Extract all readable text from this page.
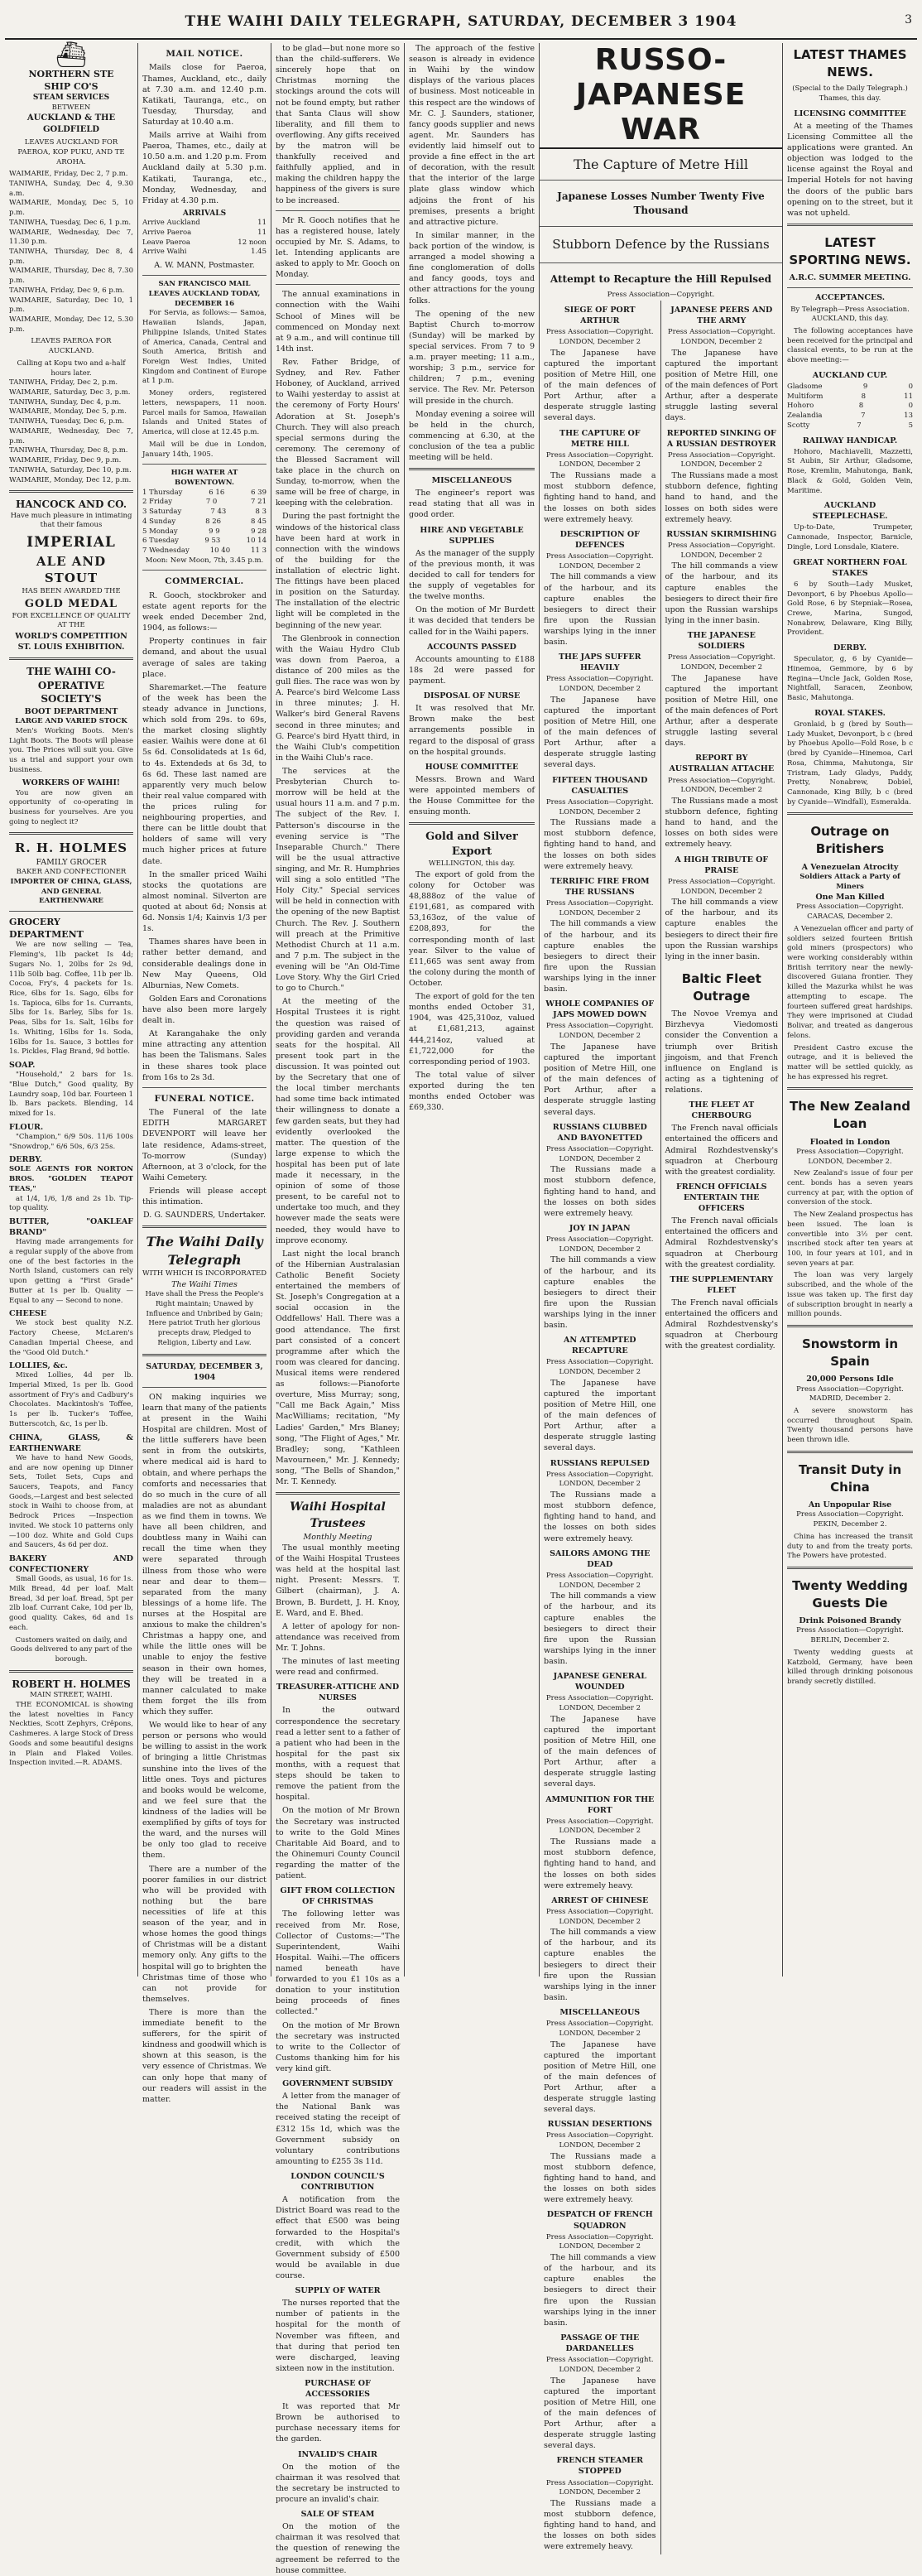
THE WAIHI DAILY TELEGRAPH, SATURDAY, DECEMBER 3 1904	3
⛴
NORTHERN STE
SHIP CO'S
STEAM SERVICES
BETWEEN
AUCKLAND & THE GOLDFIELD
LEAVES AUCKLAND FOR PAEROA, KOP PUKU, AND TE AROHA.
WAIMARIE, Friday, Dec 2, 7 p.m.
TANIWHA, Sunday, Dec 4, 9.30 a.m.
WAIMARIE, Monday, Dec 5, 10 p.m.
TANIWHA, Tuesday, Dec 6, 1 p.m.
WAIMARIE, Wednesday, Dec 7, 11.30 p.m.
TANIWHA, Thursday, Dec 8, 4 p.m.
WAIMARIE, Thursday, Dec 8, 7.30 p.m.
TANIWHA, Friday, Dec 9, 6 p.m.
WAIMARIE, Saturday, Dec 10, 1 p.m.
WAIMARIE, Monday, Dec 12, 5.30 p.m.
LEAVES PAEROA FOR AUCKLAND.
Calling at Kopu two and a-half hours later.
TANIWHA, Friday, Dec 2, p.m.
WAIMARIE, Saturday, Dec 3, p.m.
TANIWHA, Sunday, Dec 4, p.m.
WAIMARIE, Monday, Dec 5, p.m.
TANIWHA, Tuesday, Dec 6, p.m.
WAIMARIE, Wednesday, Dec 7, p.m.
TANIWHA, Thursday, Dec 8, p.m.
WAIMARIE, Friday, Dec 9, p.m.
TANIWHA, Saturday, Dec 10, p.m.
WAIMARIE, Monday, Dec 12, p.m.
HANCOCK AND CO.

Have much pleasure in intimating that their famous

IMPERIAL
ALE AND STOUT
HAS BEEN AWARDED THE
GOLD MEDAL
FOR EXCELLENCE OF QUALITY
AT THE
WORLD'S COMPETITION
ST. LOUIS EXHIBITION.
THE WAIHI CO-OPERATIVE SOCIETY'S
BOOT DEPARTMENT
LARGE AND VARIED STOCK

Men's Working Boots. Men's Light Boots. The Boots will please you. The Prices will suit you. Give us a trial and support your own business.

WORKERS OF WAIHI!

You are now given an opportunity of co-operating in business for yourselves. Are you going to neglect it?

R. H. HOLMES
FAMILY GROCER
BAKER AND CONFECTIONER
IMPORTER OF CHINA, GLASS, AND GENERAL EARTHENWARE
GROCERY DEPARTMENT

We are now selling — Tea, Fleming's, 1lb packet Is 4d; Sugars No. 1, 20lbs for 2s 9d, 11lb 50lb bag. Coffee, 11b per lb. Cocoa, Fry's, 4 packets for 1s. Rice, 6lbs for 1s. Sago, 6lbs for 1s. Tapioca, 6lbs for 1s. Currants, 5lbs for 1s. Barley, 5lbs for 1s. Peas, 5lbs for 1s. Salt, 16lbs for 1s. Whiting, 16lbs for 1s. Soda, 16lbs for 1s. Sauce, 3 bottles for 1s. Pickles, Flag Brand, 9d bottle.

SOAP.

"Household," 2 bars for 1s. "Blue Dutch," Good quality, By Laundry soap, 10d bar. Fourteen 1 lb. Bars packets. Blending, 14 mixed for 1s.

FLOUR.

"Champion," 6/9 50s. 11/6 100s "Snowdrop," 6/6 50s, 6/3 25s.

DERBY.
SOLE AGENTS FOR NORTON BROS. "GOLDEN TEAPOT TEAS,"

at 1/4, 1/6, 1/8 and 2s 1b. Tip-top quality.

BUTTER, "OAKLEAF BRAND"

Having made arrangements for a regular supply of the above from one of the best factories in the North Island, customers can rely upon getting a "First Grade" Butter at 1s per lb. Quality — Equal to any — Second to none.

CHEESE

We stock best quality N.Z. Factory Cheese, McLaren's Canadian Imperial Cheese, and the "Good Old Dutch."

LOLLIES, &c.

Mixed Lollies, 4d per lb. Imperial Mixed, 1s per lb. Good assortment of Fry's and Cadbury's Chocolates. Mackintosh's Toffee, 1s per lb. Tucker's Toffee, Butterscotch, &c, 1s per lb.

CHINA, GLASS, & EARTHENWARE

We have to hand New Goods, and are now opening up Dinner Sets, Toilet Sets, Cups and Saucers, Teapots, and Fancy Goods,—Largest and best selected stock in Waihi to choose from, at Bedrock Prices —Inspection invited. We stock 10 patterns only—100 doz. White and Gold Cups and Saucers, 4s 6d per doz.

BAKERY AND CONFECTIONERY

Small Goods, as usual, 16 for 1s. Milk Bread, 4d per loaf. Malt Bread, 3d per loaf. Bread, 5pt per 2lb loaf. Currant Cake, 10d per lb, good quality. Cakes, 6d and 1s each.

Customers waited on daily, and Goods delivered to any part of the borough.

ROBERT H. HOLMES
MAIN STREET, WAIHI.

THE ECONOMICAL is showing the latest novelties in Fancy Neckties, Scott Zephyrs, Crêpons, Cashmeres. A large Stock of Dress Goods and some beautiful designs in Plain and Flaked Voiles. Inspection invited.—R. ADAMS.

MAIL NOTICE.

Mails close for Paeroa, Thames, Auckland, etc., daily at 7.30 a.m. and 12.40 p.m. Katikati, Tauranga, etc., on Tuesday, Thursday, and Saturday at 10.40 a.m.

Mails arrive at Waihi from Paeroa, Thames, etc., daily at 10.50 a.m. and 1.20 p.m. From Auckland daily at 5.30 p.m. Katikati, Tauranga, etc., Monday, Wednesday, and Friday at 4.30 p.m.

ARRIVALS
Arrive Auckland	11
Arrive Paeroa	11
Leave Paeroa	12 noon
Arrive Waihi	1.45
A. W. MANN, Postmaster.
SAN FRANCISCO MAIL LEAVES AUCKLAND TODAY, DECEMBER 16

For Servia, as follows:— Samoa, Hawaiian Islands, Japan, Philippine Islands, United States of America, Canada, Central and South America, British and Foreign West Indies, United Kingdom and Continent of Europe at 1 p.m.

Money orders, registered letters, newspapers, 11 noon. Parcel mails for Samoa, Hawaiian Islands and United States of America, will close at 12.45 p.m.

Mail will be due in London, January 14th, 1905.

HIGH WATER AT BOWENTOWN.
1 Thursday	6 16	6 39
2 Friday	7 0	7 21
3 Saturday	7 43	8 3
4 Sunday	8 26	8 45
5 Monday	9 9	9 28
6 Tuesday	9 53	10 14
7 Wednesday	10 40	11 3
Moon: New Moon, 7th, 3.45 p.m.
COMMERCIAL.

R. Gooch, stockbroker and estate agent reports for the week ended December 2nd, 1904, as follows:—

Property continues in fair demand, and about the usual average of sales are taking place.

Sharemarket.—The feature of the week has been the steady advance in Junctions, which sold from 29s. to 69s, the market closing slightly easier. Waihis were done at 6l 5s 6d. Consolidateds at 1s 6d, to 4s. Extendeds at 6s 3d, to 6s 6d. These last named are apparently very much below their real value compared with the prices ruling for neighbouring properties, and there can be little doubt that holders of same will very much higher prices at future date.

In the smaller priced Waihi stocks the quotations are almost nominal. Silverton are quoted at about 6d; Nonsis at 6d. Nonsis 1/4; Kainvis 1/3 per 1s.

Thames shares have been in rather better demand, and considerable dealings done in New May Queens, Old Alburnias, New Comets.

Golden Ears and Coronations have also been more largely dealt in.

At Karangahake the only mine attracting any attention has been the Talismans. Sales in these shares took place from 16s to 2s 3d.

FUNERAL NOTICE.

The Funeral of the late EDITH MARGARET DEVENPORT will leave her late residence, Adams-street, To-morrow (Sunday) Afternoon, at 3 o'clock, for the Waihi Cemetery.

Friends will please accept this intimation.

D. G. SAUNDERS, Undertaker.
The Waihi Daily Telegraph
WITH WHICH IS INCORPORATED
The Waihi Times

Have shall the Press the People's Right maintain; Unawed by Influence and Unbribed by Gain; Here patriot Truth her glorious precepts draw, Pledged to Religion, Liberty and Law.

SATURDAY, DECEMBER 3, 1904

ON making inquiries we learn that many of the patients at present in the Waihi Hospital are children. Most of the little sufferers have been sent in from the outskirts, where medical aid is hard to obtain, and where perhaps the comforts and necessaries that do so much in the cure of all maladies are not as abundant as we find them in towns. We have all been children, and doubtless many in Waihi can recall the time when they were separated through illness from those who were near and dear to them—separated from the many blessings of a home life. The nurses at the Hospital are anxious to make the children's Christmas a happy one, and while the little ones will be unable to enjoy the festive season in their own homes, they will be treated in a manner calculated to make them forget the ills from which they suffer.

We would like to hear of any person or persons who would be willing to assist in the work of bringing a little Christmas sunshine into the lives of the little ones. Toys and pictures and books would be welcome, and we feel sure that the kindness of the ladies will be exemplified by gifts of toys for the ward, and the nurses will be only too glad to receive them.

There are a number of the poorer families in our district who will be provided with nothing but the bare necessities of life at this season of the year, and in whose homes the good things of Christmas will be a distant memory only. Any gifts to the hospital will go to brighten the Christmas time of those who can not provide for themselves.

There is more than the immediate benefit to the sufferers, for the spirit of kindness and goodwill which is shown at this season, is the very essence of Christmas. We can only hope that many of our readers will assist in the matter.

to be glad—but none more so than the child-sufferers. We sincerely hope that on Christmas morning the stockings around the cots will not be found empty, but rather that Santa Claus will show liberality, and fill them to overflowing. Any gifts received by the matron will be thankfully received and faithfully applied, and in making the children happy the happiness of the givers is sure to be increased.

Mr R. Gooch notifies that he has a registered house, lately occupied by Mr. S. Adams, to let. Intending applicants are asked to apply to Mr. Gooch on Monday.

The annual examinations in connection with the Waihi School of Mines will be commenced on Monday next at 9 a.m., and will continue till 14th inst.

Rev. Father Bridge, of Sydney, and Rev. Father Hoboney, of Auckland, arrived to Waihi yesterday to assist at the ceremony of Forty Hours' Adoration at St. Joseph's Church. They will also preach special sermons during the ceremony. The ceremony of the Blessed Sacrament will take place in the church on Sunday, to-morrow, when the same will be free of charge, in keeping with the celebration.

During the past fortnight the windows of the historical class have been hard at work in connection with the windows of the building for the installation of electric light. The fittings have been placed in position on the Saturday. The installation of the electric light will be completed in the beginning of the new year.

The Glenbrook in connection with the Waiau Hydro Club was down from Paeroa, a distance of 200 miles as the gull flies. The race was won by A. Pearce's bird Welcome Lass in three minutes; J. H. Walker's bird General Ravens second in three minutes; and G. Pearce's bird Hyatt third, in the Waihi Club's competition in the Waihi Club's race.

The services at the Presbyterian Church to-morrow will be held at the usual hours 11 a.m. and 7 p.m. The subject of the Rev. I. Patterson's discourse in the evening service is "The Inseparable Church." There will be the usual attractive singing, and Mr. R. Humphries will sing a solo entitled "The Holy City." Special services will be held in connection with the opening of the new Baptist Church. The Rev. J. Southern will preach at the Primitive Methodist Church at 11 a.m. and 7 p.m. The subject in the evening will be "An Old-Time Love Story. Why the Girl Cried to go to Church."

At the meeting of the Hospital Trustees it is right the question was raised of providing garden and veranda seats for the hospital. All present took part in the discussion. It was pointed out by the Secretary that one of the local timber merchants had some time back intimated their willingness to donate a few garden seats, but they had evidently overlooked the matter. The question of the large expense to which the hospital has been put of late made it necessary, in the opinion of some of those present, to be careful not to undertake too much, and they however made the seats were needed, they would have to improve economy.

Last night the local branch of the Hibernian Australasian Catholic Benefit Society entertained the members of St. Joseph's Congregation at a social occasion in the Oddfellows' Hall. There was a good attendance. The first part consisted of a concert programme after which the room was cleared for dancing. Musical items were rendered as follows:—Pianoforte overture, Miss Murray; song, "Call me Back Again," Miss MacWilliams; recitation, "My Ladies' Garden," Mrs Blaney; song, "The Flight of Ages," Mr. Bradley; song, "Kathleen Mavourneen," Mr. J. Kennedy; song, "The Bells of Shandon," Mr. T. Kennedy.

Waihi Hospital Trustees
Monthly Meeting

The usual monthly meeting of the Waihi Hospital Trustees was held at the hospital last night. Present: Messrs. T. Gilbert (chairman), J. A. Brown, B. Burdett, J. H. Knoy, E. Ward, and E. Bhed.

A letter of apology for non-attendance was received from Mr. T. Johns.

The minutes of last meeting were read and confirmed.

TREASURER-ATTICHE AND NURSES

In the outward correspondence the secretary read a letter sent to a father of a patient who had been in the hospital for the past six months, with a request that steps should be taken to remove the patient from the hospital.

On the motion of Mr Brown the Secretary was instructed to write to the Gold Mines Charitable Aid Board, and to the Ohinemuri County Council regarding the matter of the patient.

GIFT FROM COLLECTION OF CHRISTMAS

The following letter was received from Mr. Rose, Collector of Customs:—"The Superintendent, Waihi Hospital. Waihi.—The officers named beneath have forwarded to you £1 10s as a donation to your institution being proceeds of fines collected."

On the motion of Mr Brown the secretary was instructed to write to the Collector of Customs thanking him for his very kind gift.

GOVERNMENT SUBSIDY

A letter from the manager of the National Bank was received stating the receipt of £312 15s 1d, which was the Government subsidy on voluntary contributions amounting to £255 3s 11d.

LONDON COUNCIL'S CONTRIBUTION

A notification from the District Board was read to the effect that £500 was being forwarded to the Hospital's credit, with which the Government subsidy of £500 would be available in due course.

SUPPLY OF WATER

The nurses reported that the number of patients in the hospital for the month of November was fifteen, and that during that period ten were discharged, leaving sixteen now in the institution.

PURCHASE OF ACCESSORIES

It was reported that Mr Brown be authorised to purchase necessary items for the garden.

INVALID'S CHAIR

On the motion of the chairman it was resolved that the secretary be instructed to procure an invalid's chair.

SALE OF STEAM

On the motion of the chairman it was resolved that the question of renewing the agreement be referred to the house committee.

The approach of the festive season is already in evidence in Waihi by the window displays of the various places of business. Most noticeable in this respect are the windows of Mr. C. J. Saunders, stationer, fancy goods supplier and news agent. Mr. Saunders has evidently laid himself out to provide a fine effect in the art of decoration, with the result that the interior of the large plate glass window which adjoins the front of his premises, presents a bright and attractive picture.

In similar manner, in the back portion of the window, is arranged a model showing a fine conglomeration of dolls and fancy goods, toys and other attractions for the young folks.

The opening of the new Baptist Church to-morrow (Sunday) will be marked by special services. From 7 to 9 a.m. prayer meeting; 11 a.m., worship; 3 p.m., service for children; 7 p.m., evening service. The Rev. Mr. Peterson will preside in the church.

Monday evening a soiree will be held in the church, commencing at 6.30, at the conclusion of the tea a public meeting will be held.

MISCELLANEOUS

The engineer's report was read stating that all was in good order.

HIRE AND VEGETABLE SUPPLIES

As the manager of the supply of the previous month, it was decided to call for tenders for the supply of vegetables for the twelve months.

On the motion of Mr Burdett it was decided that tenders be called for in the Waihi papers.

ACCOUNTS PASSED

Accounts amounting to £188 18s 2d were passed for payment.

DISPOSAL OF NURSE

It was resolved that Mr. Brown make the best arrangements possible in regard to the disposal of grass on the hospital grounds.

HOUSE COMMITTEE

Messrs. Brown and Ward were appointed members of the House Committee for the ensuing month.

Gold and Silver Export
WELLINGTON, this day.

The export of gold from the colony for October was 48,888oz of the value of £191,681, as compared with 53,163oz, of the value of £208,893, for the corresponding month of last year. Silver to the value of £11,665 was sent away from the colony during the month of October.

The export of gold for the ten months ended October 31, 1904, was 425,310oz, valued at £1,681,213, against 444,214oz, valued at £1,722,000 for the corresponding period of 1903.

The total value of silver exported during the ten months ended October was £69,330.

RUSSO-JAPANESE WAR
The Capture of Metre Hill
Japanese Losses Number Twenty Five Thousand
Stubborn Defence by the Russians
Attempt to Recapture the Hill Repulsed
Press Association—Copyright.
SIEGE OF PORT ARTHUR
Press Association—Copyright.
LONDON, December 2

The Japanese have captured the important position of Metre Hill, one of the main defences of Port Arthur, after a desperate struggle lasting several days.

THE CAPTURE OF METRE HILL
Press Association—Copyright.
LONDON, December 2

The Russians made a most stubborn defence, fighting hand to hand, and the losses on both sides were extremely heavy.

DESCRIPTION OF DEFENCES
Press Association—Copyright.
LONDON, December 2

The hill commands a view of the harbour, and its capture enables the besiegers to direct their fire upon the Russian warships lying in the inner basin.

THE JAPS SUFFER HEAVILY
Press Association—Copyright.
LONDON, December 2

The Japanese have captured the important position of Metre Hill, one of the main defences of Port Arthur, after a desperate struggle lasting several days.

FIFTEEN THOUSAND CASUALTIES
Press Association—Copyright.
LONDON, December 2

The Russians made a most stubborn defence, fighting hand to hand, and the losses on both sides were extremely heavy.

TERRIFIC FIRE FROM THE RUSSIANS
Press Association—Copyright.
LONDON, December 2

The hill commands a view of the harbour, and its capture enables the besiegers to direct their fire upon the Russian warships lying in the inner basin.

WHOLE COMPANIES OF JAPS MOWED DOWN
Press Association—Copyright.
LONDON, December 2

The Japanese have captured the important position of Metre Hill, one of the main defences of Port Arthur, after a desperate struggle lasting several days.

RUSSIANS CLUBBED AND BAYONETTED
Press Association—Copyright.
LONDON, December 2

The Russians made a most stubborn defence, fighting hand to hand, and the losses on both sides were extremely heavy.

JOY IN JAPAN
Press Association—Copyright.
LONDON, December 2

The hill commands a view of the harbour, and its capture enables the besiegers to direct their fire upon the Russian warships lying in the inner basin.

AN ATTEMPTED RECAPTURE
Press Association—Copyright.
LONDON, December 2

The Japanese have captured the important position of Metre Hill, one of the main defences of Port Arthur, after a desperate struggle lasting several days.

RUSSIANS REPULSED
Press Association—Copyright.
LONDON, December 2

The Russians made a most stubborn defence, fighting hand to hand, and the losses on both sides were extremely heavy.

SAILORS AMONG THE DEAD
Press Association—Copyright.
LONDON, December 2

The hill commands a view of the harbour, and its capture enables the besiegers to direct their fire upon the Russian warships lying in the inner basin.

JAPANESE GENERAL WOUNDED
Press Association—Copyright.
LONDON, December 2

The Japanese have captured the important position of Metre Hill, one of the main defences of Port Arthur, after a desperate struggle lasting several days.

AMMUNITION FOR THE FORT
Press Association—Copyright.
LONDON, December 2

The Russians made a most stubborn defence, fighting hand to hand, and the losses on both sides were extremely heavy.

ARREST OF CHINESE
Press Association—Copyright.
LONDON, December 2

The hill commands a view of the harbour, and its capture enables the besiegers to direct their fire upon the Russian warships lying in the inner basin.

MISCELLANEOUS
Press Association—Copyright.
LONDON, December 2

The Japanese have captured the important position of Metre Hill, one of the main defences of Port Arthur, after a desperate struggle lasting several days.

RUSSIAN DESERTIONS
Press Association—Copyright.
LONDON, December 2

The Russians made a most stubborn defence, fighting hand to hand, and the losses on both sides were extremely heavy.

DESPATCH OF FRENCH SQUADRON
Press Association—Copyright.
LONDON, December 2

The hill commands a view of the harbour, and its capture enables the besiegers to direct their fire upon the Russian warships lying in the inner basin.

PASSAGE OF THE DARDANELLES
Press Association—Copyright.
LONDON, December 2

The Japanese have captured the important position of Metre Hill, one of the main defences of Port Arthur, after a desperate struggle lasting several days.

FRENCH STEAMER STOPPED
Press Association—Copyright.
LONDON, December 2

The Russians made a most stubborn defence, fighting hand to hand, and the losses on both sides were extremely heavy.

JAPANESE PEERS AND THE ARMY
Press Association—Copyright.
LONDON, December 2

The Japanese have captured the important position of Metre Hill, one of the main defences of Port Arthur, after a desperate struggle lasting several days.

REPORTED SINKING OF A RUSSIAN DESTROYER
Press Association—Copyright.
LONDON, December 2

The Russians made a most stubborn defence, fighting hand to hand, and the losses on both sides were extremely heavy.

RUSSIAN SKIRMISHING
Press Association—Copyright.
LONDON, December 2

The hill commands a view of the harbour, and its capture enables the besiegers to direct their fire upon the Russian warships lying in the inner basin.

THE JAPANESE SOLDIERS
Press Association—Copyright.
LONDON, December 2

The Japanese have captured the important position of Metre Hill, one of the main defences of Port Arthur, after a desperate struggle lasting several days.

REPORT BY AUSTRALIAN ATTACHE
Press Association—Copyright.
LONDON, December 2

The Russians made a most stubborn defence, fighting hand to hand, and the losses on both sides were extremely heavy.

A HIGH TRIBUTE OF PRAISE
Press Association—Copyright.
LONDON, December 2

The hill commands a view of the harbour, and its capture enables the besiegers to direct their fire upon the Russian warships lying in the inner basin.

Baltic Fleet Outrage

The Novoe Vremya and Birzhevya Viedomosti consider the Convention a triumph over British jingoism, and that French influence on England is acting as a tightening of relations.

THE FLEET AT CHERBOURG

The French naval officials entertained the officers and Admiral Rozhdestvensky's squadron at Cherbourg with the greatest cordiality.

FRENCH OFFICIALS ENTERTAIN THE OFFICERS

The French naval officials entertained the officers and Admiral Rozhdestvensky's squadron at Cherbourg with the greatest cordiality.

THE SUPPLEMENTARY FLEET

The French naval officials entertained the officers and Admiral Rozhdestvensky's squadron at Cherbourg with the greatest cordiality.

LATEST THAMES NEWS.
(Special to the Daily Telegraph.) Thames, this day.
LICENSING COMMITTEE

At a meeting of the Thames Licensing Committee all the applications were granted. An objection was lodged to the license against the Royal and Imperial Hotels for not having the doors of the public bars opening on to the street, but it was not upheld.

LATEST SPORTING NEWS.
A.R.C. SUMMER MEETING.
ACCEPTANCES.

By Telegraph—Press Association. AUCKLAND, this day.

The following acceptances have been received for the principal and classical events, to be run at the above meeting:—

AUCKLAND CUP.
Gladsome	9	0
Multiform	8	11
Hohoro	8	0
Zealandia	7	13
Scotty	7	5
RAILWAY HANDICAP.

Hohoro, Machiavelli, Mazzetti, St Aubin, Sir Arthur, Gladsome, Rose, Kremlin, Mahutonga, Bank, Black & Gold, Golden Vein, Maritime.

AUCKLAND STEEPLECHASE.

Up-to-Date, Trumpeter, Cannonade, Inspector, Barnicle, Dingle, Lord Lonsdale, Kiatere.

GREAT NORTHERN FOAL STAKES

6 by South—Lady Musket, Devonport, 6 by Phoebus Apollo—Gold Rose, 6 by Stepniak—Rosea, Crewe, Marina, Sungod, Nonabrew, Delaware, King Billy, Provident.

DERBY.

Speculator, g, 6 by Cyanide—Hinemoa, Gemmore, by 6 by Regina—Uncle Jack, Golden Rose, Nightfall, Saracen, Zeonbow, Basic, Mahutonga.

ROYAL STAKES.

Gronlaid, b g (bred by South—Lady Musket, Devonport, b c (bred by Phoebus Apollo—Fold Rose, b c (bred by Cyanide—Hinemoa, Carl Rosa, Chimma, Mahutonga, Sir Tristram, Lady Gladys, Paddy, Pretty, Nonabrew, Dobiel, Cannonade, King Billy, b c (bred by Cyanide—Windfall), Esmeralda.

Outrage on Britishers
A Venezuelan Atrocity
Soldiers Attack a Party of Miners
One Man Killed

Press Association—Copyright. CARACAS, December 2.

A Venezuelan officer and party of soldiers seized fourteen British gold miners (prospectors) who were working considerably within British territory near the newly-discovered Guiana frontier. They killed the Mazurka whilst he was attempting to escape. The fourteen suffered great hardships. They were imprisoned at Ciudad Bolivar, and treated as dangerous felons.

President Castro excuse the outrage, and it is believed the matter will be settled quickly, as he has expressed his regret.

The New Zealand Loan
Floated in London

Press Association—Copyright. LONDON, December 2.

New Zealand's issue of four per cent. bonds has a seven years currency at par, with the option of conversion of the stock.

The New Zealand prospectus has been issued. The loan is convertible into 3½ per cent. inscribed stock after ten years at 100, in four years at 101, and in seven years at par.

The loan was very largely subscribed, and the whole of the issue was taken up. The first day of subscription brought in nearly a million pounds.

Snowstorm in Spain
20,000 Persons Idle

Press Association—Copyright. MADRID, December 2.

A severe snowstorm has occurred throughout Spain. Twenty thousand persons have been thrown idle.

Transit Duty in China
An Unpopular Rise

Press Association—Copyright. PEKIN, December 2.

China has increased the transit duty to and from the treaty ports. The Powers have protested.

Twenty Wedding Guests Die
Drink Poisoned Brandy

Press Association—Copyright. BERLIN, December 2.

Twenty wedding guests at Katzbold, Germany, have been killed through drinking poisonous brandy secretly distilled.
